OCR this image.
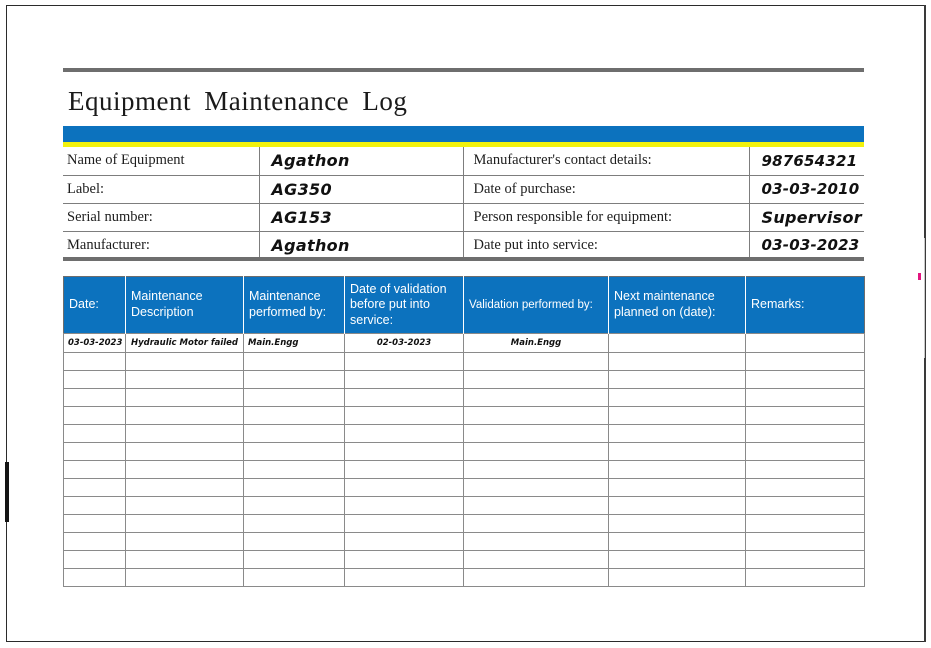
Equipment Maintenance Log
Name of Equipment	Agathon	Manufacturer's contact details:	987654321
Label:	AG350	Date of purchase:	03-03-2010
Serial number:	AG153	Person responsible for equipment:	Supervisor
Manufacturer:	Agathon	Date put into service:	03-03-2023
Date:	Maintenance Description	Maintenance performed by:	Date of validation before put into service:	Validation performed by:	Next maintenance planned on (date):	Remarks:
03-03-2023	Hydraulic Motor failed	Main.Engg	02-03-2023	Main.Engg		
